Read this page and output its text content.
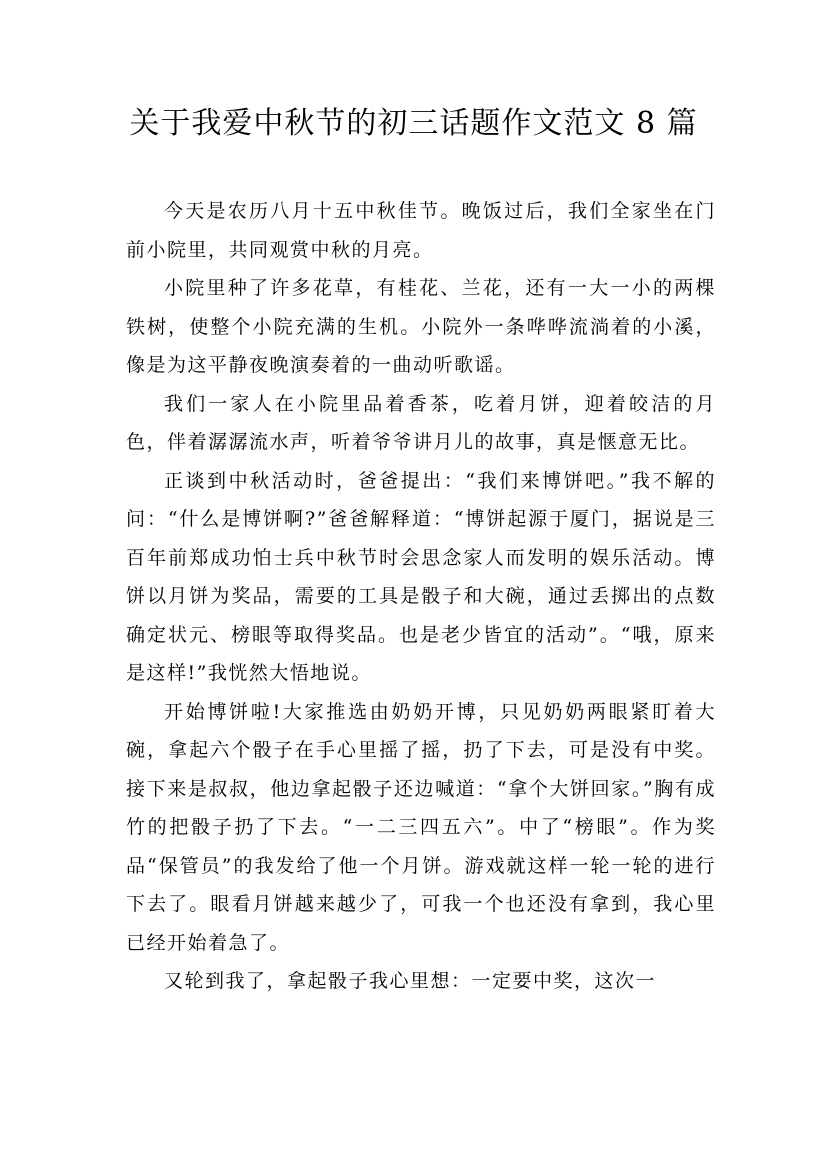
关于我爱中秋节的初三话题作文范文 8 篇

今天是农历八月十五中秋佳节。晚饭过后，我们全家坐在门前小院里，共同观赏中秋的月亮。

小院里种了许多花草，有桂花、兰花，还有一大一小的两棵铁树，使整个小院充满的生机。小院外一条哗哗流淌着的小溪，像是为这平静夜晚演奏着的一曲动听歌谣。

我们一家人在小院里品着香茶，吃着月饼，迎着皎洁的月色，伴着潺潺流水声，听着爷爷讲月儿的故事，真是惬意无比。

正谈到中秋活动时，爸爸提出：“我们来博饼吧。”我不解的问：“什么是博饼啊?”爸爸解释道：“博饼起源于厦门，据说是三百年前郑成功怕士兵中秋节时会思念家人而发明的娱乐活动。博饼以月饼为奖品，需要的工具是骰子和大碗，通过丢掷出的点数确定状元、榜眼等取得奖品。也是老少皆宜的活动”。“哦，原来是这样!”我恍然大悟地说。

开始博饼啦!大家推选由奶奶开博，只见奶奶两眼紧盯着大碗，拿起六个骰子在手心里摇了摇，扔了下去，可是没有中奖。接下来是叔叔，他边拿起骰子还边喊道：“拿个大饼回家。”胸有成竹的把骰子扔了下去。“一二三四五六”。中了“榜眼”。作为奖品“保管员”的我发给了他一个月饼。游戏就这样一轮一轮的进行下去了。眼看月饼越来越少了，可我一个也还没有拿到，我心里已经开始着急了。

又轮到我了，拿起骰子我心里想：一定要中奖，这次一
